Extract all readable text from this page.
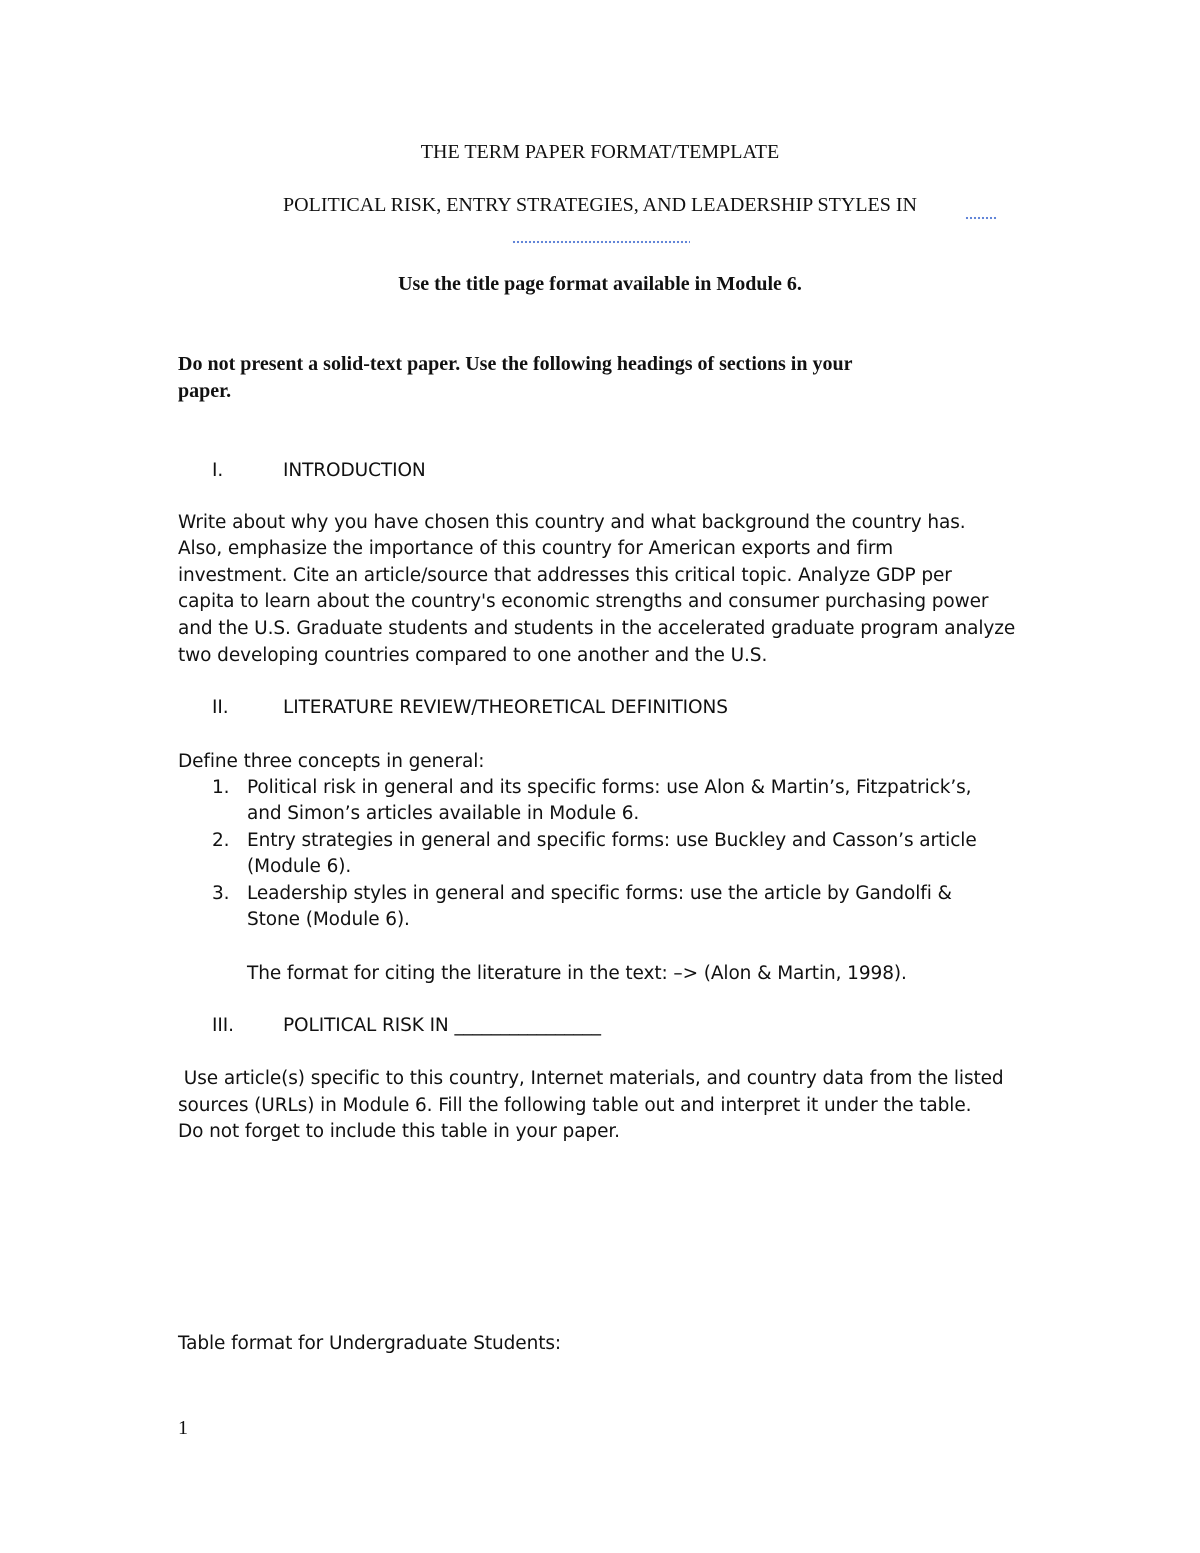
THE TERM PAPER FORMAT/TEMPLATE

POLITICAL RISK, ENTRY STRATEGIES, AND LEADERSHIP STYLES IN

Use the title page format available in Module 6.

Do not present a solid-text paper. Use the following headings of sections in your

paper.

I.	INTRODUCTION

Write about why you have chosen this country and what background the country has.

Also, emphasize the importance of this country for American exports and firm

investment. Cite an article/source that addresses this critical topic. Analyze GDP per

capita to learn about the country's economic strengths and consumer purchasing power

and the U.S. Graduate students and students in the accelerated graduate program analyze

two developing countries compared to one another and the U.S.

II.	LITERATURE REVIEW/THEORETICAL DEFINITIONS

Define three concepts in general:

1. Political risk in general and its specific forms: use Alon & Martin’s, Fitzpatrick’s,

and Simon’s articles available in Module 6.

2. Entry strategies in general and specific forms: use Buckley and Casson’s article

(Module 6).

3. Leadership styles in general and specific forms: use the article by Gandolfi &

Stone (Module 6).

The format for citing the literature in the text: –> (Alon & Martin, 1998).

III.	POLITICAL RISK IN ________________

Use article(s) specific to this country, Internet materials, and country data from the listed

sources (URLs) in Module 6. Fill the following table out and interpret it under the table.

Do not forget to include this table in your paper.

Table format for Undergraduate Students:

1
